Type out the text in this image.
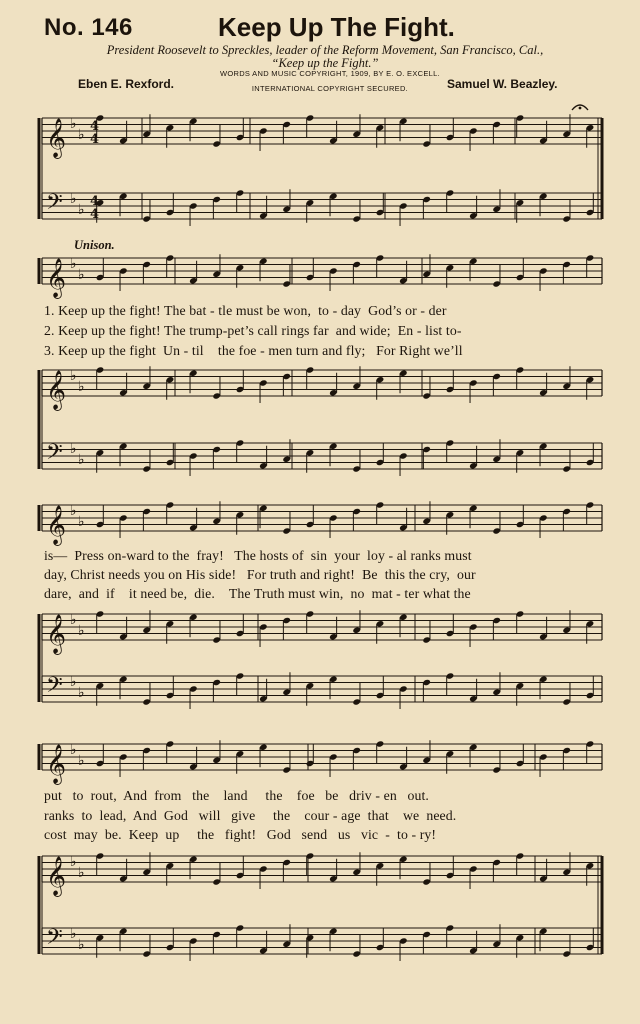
No. 146	Keep Up The Fight.
President Roosevelt to Spreckles, leader of the Reform Movement, San Francisco, Cal.,
“Keep up the Fight.”
WORDS AND MUSIC COPYRIGHT, 1909, BY E. O. EXCELL.
INTERNATIONAL COPYRIGHT SECURED.
Eben E. Rexford.	Samuel W. Beazley.
𝄞 ♭
♭
𝄢 ♭
♭
𝄞 ♭
♭
𝄞 ♭
♭
𝄢 ♭
♭
𝄞 ♭
♭
𝄞 ♭
♭
𝄢 ♭
♭
𝄞 ♭
♭
𝄞 ♭
♭
𝄢 ♭
♭
4
4
4
4
Unison.
1. Keep up the fight! The bat - tle must be won,  to - day  God’s or - der
2. Keep up the fight! The trump-pet’s call rings far  and wide;  En - list to-
3. Keep up the fight  Un - til    the foe - men turn and fly;   For Right we’ll
is—  Press on-ward to the  fray!   The hosts of  sin  your  loy - al ranks must
day, Christ needs you on His side!   For truth and right!  Be  this the cry,  our
dare,  and  if    it need be,  die.    The Truth must win,  no  mat - ter what the
put   to  rout,  And  from   the    land     the    foe   be   driv - en   out.
ranks  to  lead,  And  God   will   give     the    cour - age  that    we  need.
cost  may  be.  Keep  up     the   fight!   God   send   us   vic  -  to - ry!
